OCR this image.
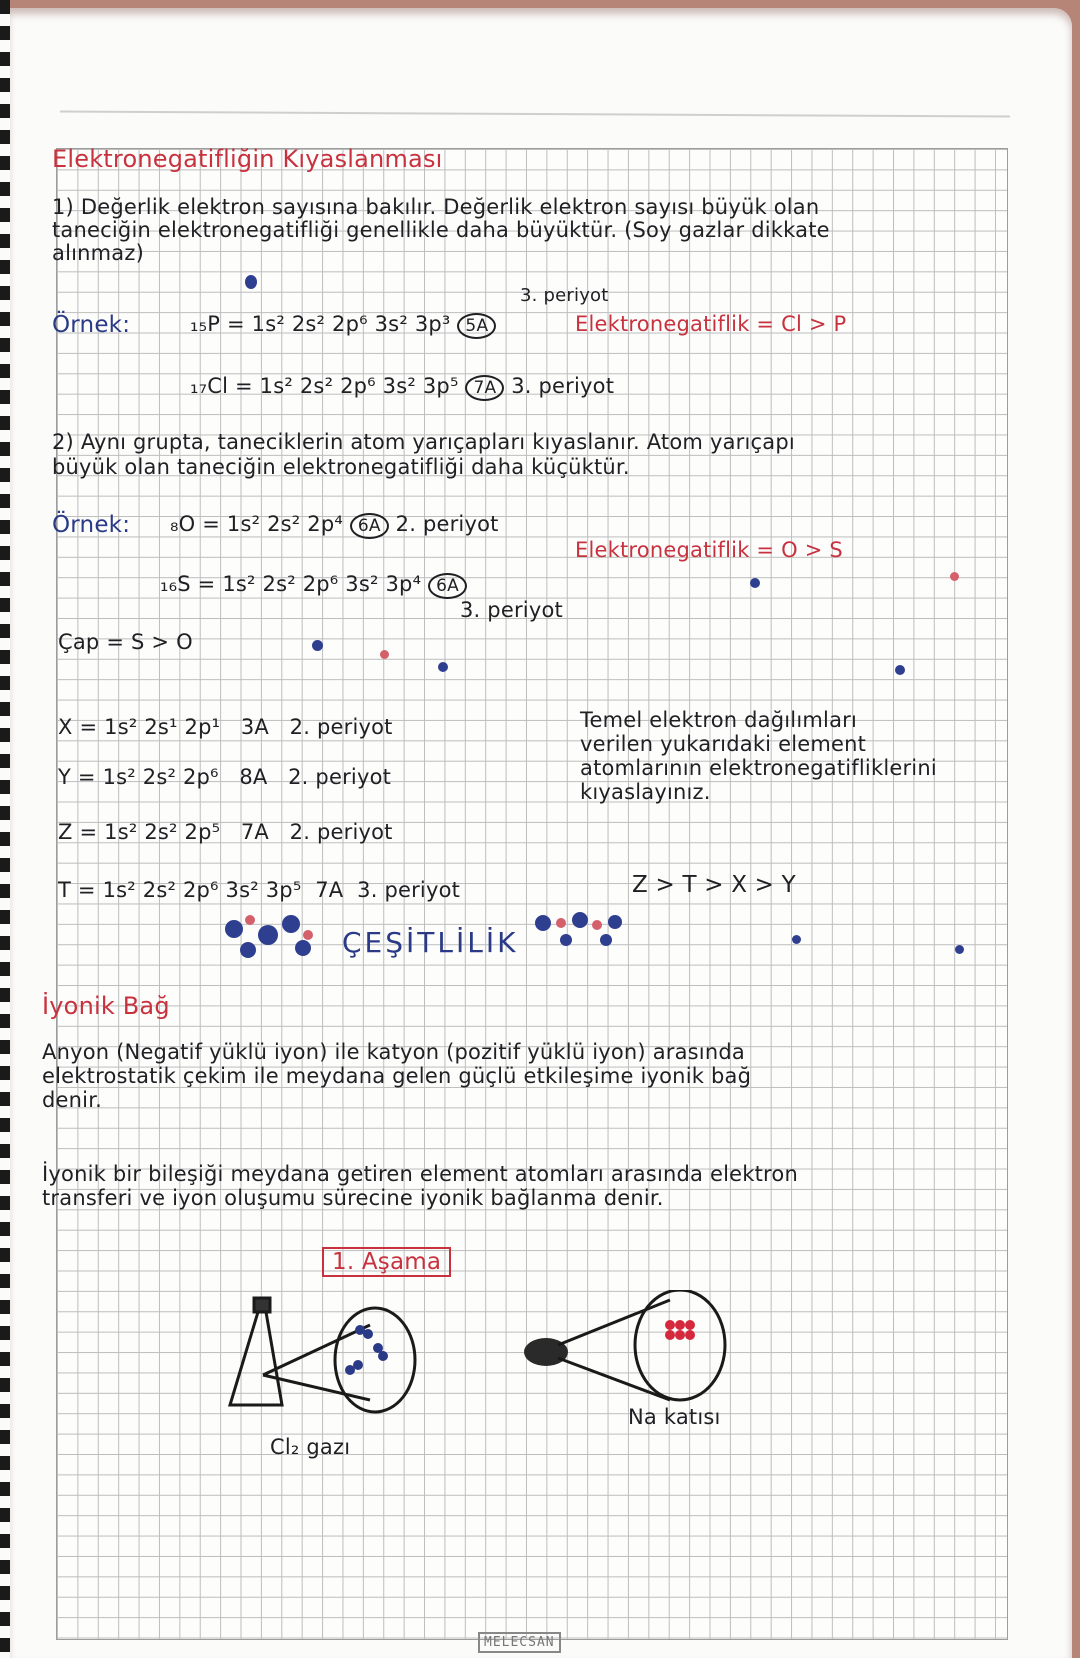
Elektronegatifliğin Kıyaslanması
1) Değerlik elektron sayısına bakılır. Değerlik elektron sayısı büyük olan
taneciğin elektronegatifliği genellikle daha büyüktür. (Soy gazlar dikkate
alınmaz)
3. periyot
Örnek:	₁₅P = 1s² 2s² 2p⁶ 3s² 3p³ 5A	Elektronegatiflik = Cl > P
₁₇Cl = 1s² 2s² 2p⁶ 3s² 3p⁵ 7A 3. periyot
2) Aynı grupta, taneciklerin atom yarıçapları kıyaslanır. Atom yarıçapı
büyük olan taneciğin elektronegatifliği daha küçüktür.
Örnek: ₈O = 1s² 2s² 2p⁴ 6A 2. periyot
Elektronegatiflik = O > S
₁₆S = 1s² 2s² 2p⁶ 3s² 3p⁴ 6A
3. periyot
Çap = S > O
X = 1s² 2s¹ 2p¹ 3A 2. periyot
Y = 1s² 2s² 2p⁶ 8A 2. periyot
Z = 1s² 2s² 2p⁵ 7A 2. periyot
T = 1s² 2s² 2p⁶ 3s² 3p⁵ 7A 3. periyot
Temel elektron dağılımları
verilen yukarıdaki element
atomlarının elektronegatifliklerini
kıyaslayınız.
Z > T > X > Y
ÇEŞİTLİLİK
İyonik Bağ
Anyon (Negatif yüklü iyon) ile katyon (pozitif yüklü iyon) arasında
elektrostatik çekim ile meydana gelen güçlü etkileşime iyonik bağ
denir.
İyonik bir bileşiği meydana getiren element atomları arasında elektron
transferi ve iyon oluşumu sürecine iyonik bağlanma denir.
1. Aşama
Cl₂ gazı
Na katısı
MELECSAN
